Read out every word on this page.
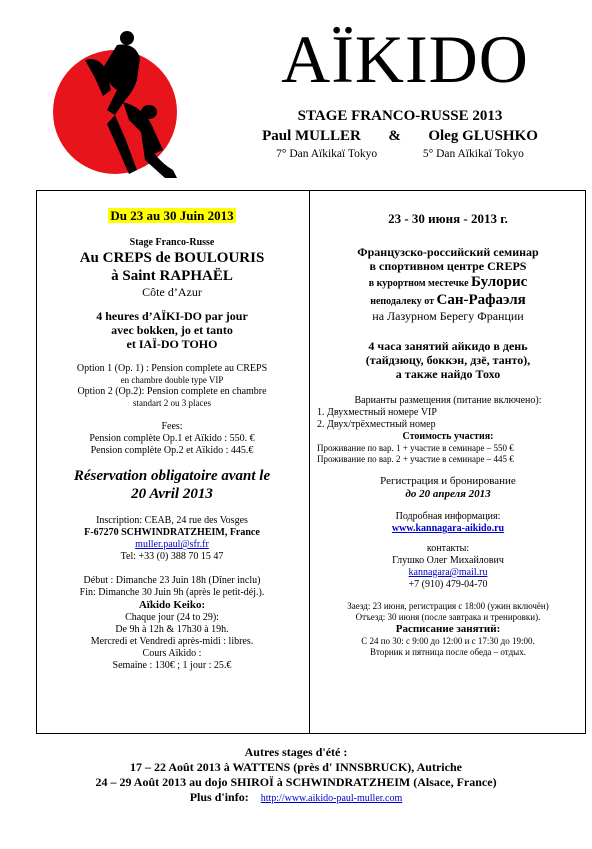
AÏKIDO
STAGE FRANCO-RUSSE 2013
Paul MULLER & Oleg GLUSHKO
7° Dan Aïkikaï Tokyo	5° Dan Aïkikaï Tokyo

Du 23 au 30 Juin 2013

Stage Franco-Russe

Au CREPS de BOULOURIS

à Saint RAPHAËL

Côte d’Azur

4 heures d’AÏKI-DO par jour

avec bokken, jo et tanto

et IAÏ-DO TOHO

Option 1 (Op. 1) : Pension complete au CREPS

en chambre double type VIP

Option 2 (Op.2): Pension complete en chambre

standart 2 ou 3 places

Fees:

Pension complète Op.1 et Aïkido : 550. €

Pension complète Op.2 et Aïkido : 445.€

Réservation obligatoire avant le

20 Avril 2013

Inscription: CEAB, 24 rue des Vosges

F-67270 SCHWINDRATZHEIM, France

muller.paul@sfr.fr

Tel: +33 (0) 388 70 15 47

Début : Dimanche 23 Juin 18h (Dîner inclu)

Fin: Dimanche 30 Juin 9h (après le petit-déj.).

Aïkido Keiko:

Chaque jour (24 to 29):

De 9h à 12h & 17h30 à 19h.

Mercredi et Vendredi après-midi : libres.

Cours Aïkido :

Semaine : 130€ ; 1 jour : 25.€

23 - 30 июня - 2013 г.

Французско-российский семинар

в спортивном центре CREPS

в курортном местечке Булорис

неподалеку от Сан-Рафаэля

на Лазурном Берегу Франции

4 часа занятий айкидо в день

(тайдзюцу, боккэн, дзё, танто),

а также найдо Тохо

Варианты размещения (питание включено):

1. Двухместный номере VIP

2. Двух/трёхместный номер

Стоимость участия:

Проживание по вар. 1 + участие в семинаре – 550 €

Проживание по вар. 2 + участие в семинаре – 445 €

Регистрация и бронирование

до 20 апреля 2013

Подробная информация:

www.kannagara-aikido.ru

контакты:

Глушко Олег Михайлович

kannagara@mail.ru

+7 (910) 479-04-70

Заезд: 23 июня, регистрация с 18:00 (ужин включён)

Отъезд: 30 июня (после завтрака и тренировки).

Расписание занятий:

С 24 по 30: с 9:00 до 12:00 и с 17:30 до 19:00.

Вторник и пятница после обеда – отдых.

Autres stages d'été :

17 – 22 Août 2013 à WATTENS (près d' INNSBRUCK), Autriche

24 – 29 Août 2013 au dojo SHIROÏ à SCHWINDRATZHEIM (Alsace, France)

Plus d'info: http://www.aikido-paul-muller.com
